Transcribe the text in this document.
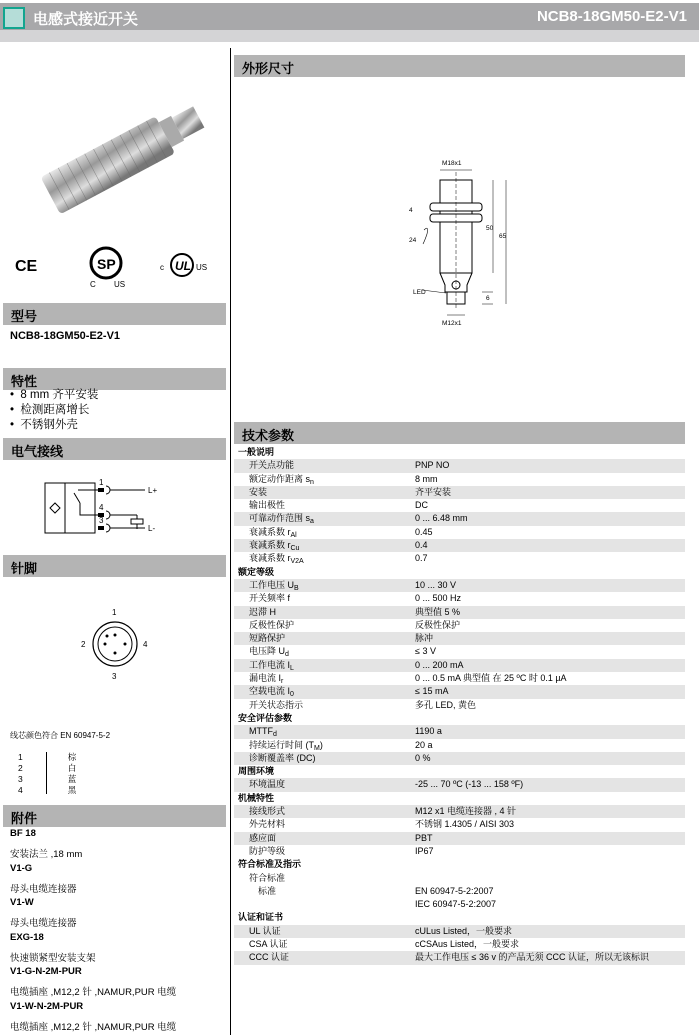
电感式接近开关	NCB8-18GM50-E2-V1
CE	SP
C US
c UL US
型号
NCB8-18GM50-E2-V1
特性
•  8 mm 齐平安装
•  检测距离增长
•  不锈钢外壳
电气接线
1
4
3
L+
L-
针脚
1
2
3
4
线芯颜色符合 EN 60947-5-2
1	棕
2	白
3	蓝
4	黑
附件
BF 18
安装法兰 ,18 mm
V1-G
母头电缆连接器
V1-W
母头电缆连接器
EXG-18
快速锁紧型安装支架
V1-G-N-2M-PUR
电缆插座 ,M12,2 针 ,NAMUR,PUR 电缆
V1-W-N-2M-PUR
电缆插座 ,M12,2 针 ,NAMUR,PUR 电缆
外形尺寸
M18x1
M12x1
4
24
50
65
6
LED
技术参数
一般说明
开关点功能	PNP NO
额定动作距离 $s_n$	8 mm
安装	齐平安装
输出极性	DC
可靠动作范围 $s_a$	0 ... 6.48 mm
衰减系数 $r_{Al}$	0.45
衰减系数 $r_{Cu}$	0.4
衰减系数 $r_{V2A}$	0.7
额定等级
工作电压 $U_B$	10 ... 30 V
开关频率 f	0 ... 500 Hz
迟滞 H	典型值 5 %
反极性保护	反极性保护
短路保护	脉冲
电压降 $U_d$	≤ 3 V
工作电流 $I_L$	0 ... 200 mA
漏电流 $I_r$	0 ... 0.5 mA 典型值 在 25 ºC 时 0.1 µA
空载电流 $I_0$	≤ 15 mA
开关状态指示	多孔 LED, 黄色
安全评估参数
$MTTF_d$	1190 a
持续运行时间 $(T_M)$	20 a
诊断覆盖率 (DC)	0 %
周围环境
环境温度	-25 ... 70 ºC (-13 ... 158 ºF)
机械特性
接线形式	M12 x1 电缆连接器 , 4 针
外壳材料	不锈钢 1.4305 / AISI 303
感应面	PBT
防护等级	IP67
符合标准及指示
符合标准
标准	EN 60947-5-2:2007
IEC 60947-5-2:2007
认证和证书
UL 认证	cULus Listed，一般要求
CSA 认证	cCSAus Listed，一般要求
CCC 认证	最大工作电压 ≤ 36 v 的产品无须 CCC 认证，所以无该标识
